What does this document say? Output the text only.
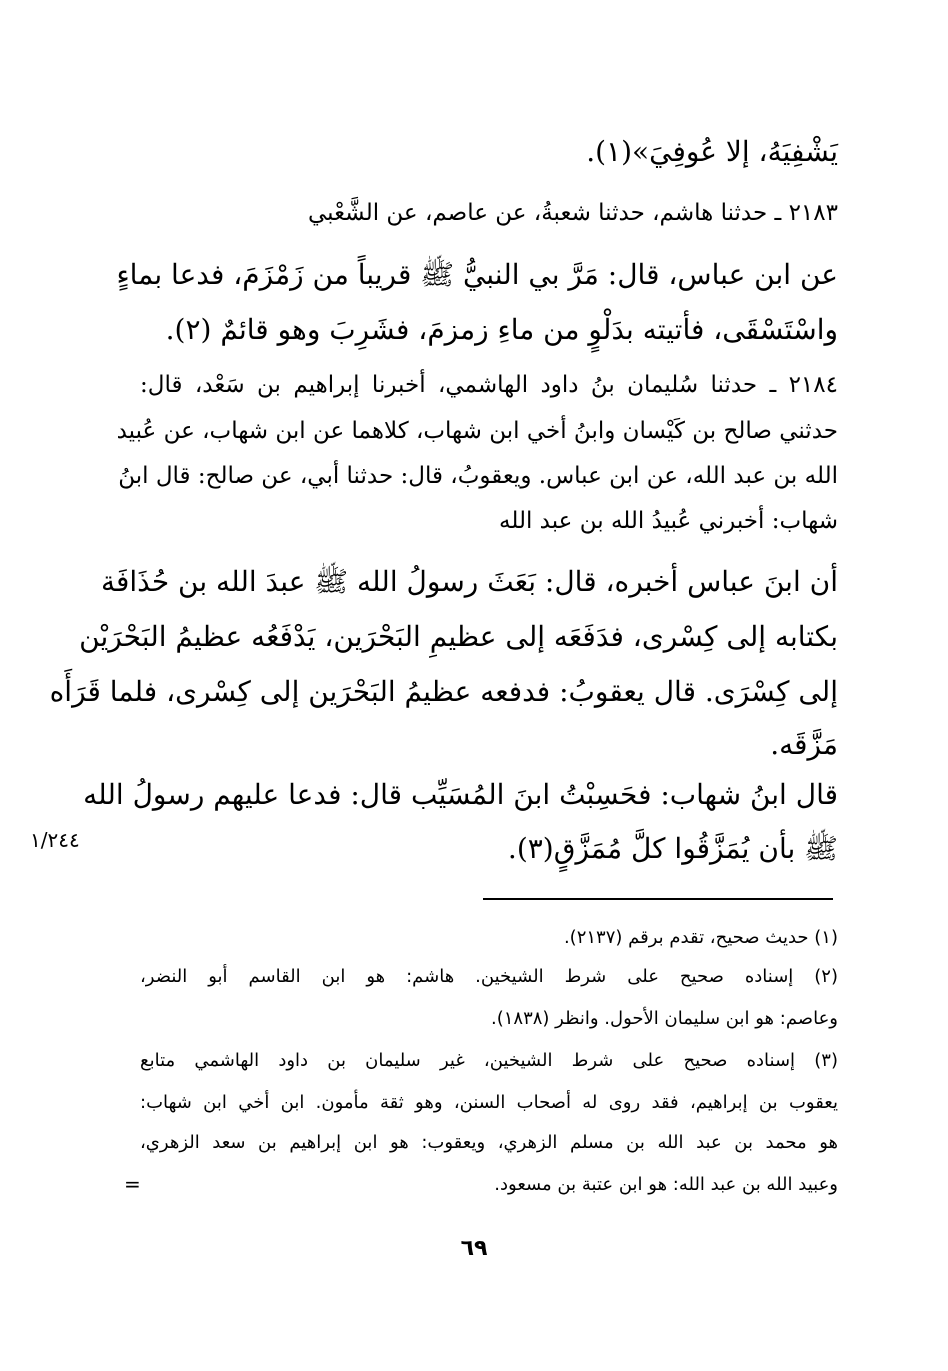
يَشْفِيَهُ، إلا عُوفِيَ»(١).

٢١٨٣ ـ حدثنا هاشم، حدثنا شعبةُ، عن عاصم، عن الشَّعْبي

عن ابن عباس، قال: مَرَّ بي النبيُّ ﷺ قريباً من زَمْزَمَ، فدعا بماءٍ

واسْتَسْقَى، فأتيته بدَلْوٍ من ماءِ زمزمَ، فشَرِبَ وهو قائمٌ (٢).

٢١٨٤ ـ حدثنا سُليمان بنُ داود الهاشمي، أخبرنا إبراهيم بن سَعْد، قال:

حدثني صالح بن كَيْسان وابنُ أخي ابن شهاب، كلاهما عن ابن شهاب، عن عُبيد

الله بن عبد الله، عن ابن عباس. ويعقوبُ، قال: حدثنا أبي، عن صالح: قال ابنُ

شهاب: أخبرني عُبيدُ الله بن عبد الله

أن ابنَ عباس أخبره، قال: بَعَثَ رسولُ الله ﷺ عبدَ الله بن حُذَافَة

بكتابه إلى كِسْرى، فدَفَعَه إلى عظيمِ البَحْرَين، يَدْفَعُه عظيمُ البَحْرَيْن

إلى كِسْرَى. قال يعقوبُ: فدفعه عظيمُ البَحْرَين إلى كِسْرى، فلما قَرَأَه

مَزَّقَه.

قال ابنُ شهاب: فحَسِبْتُ ابنَ المُسَيِّب قال: فدعا عليهم رسولُ الله

ﷺ بأن يُمَزَّقُوا كلَّ مُمَزَّقٍ(٣).

١/٢٤٤

(١) حديث صحيح، تقدم برقم (٢١٣٧).

(٢) إسناده صحيح على شرط الشيخين. هاشم: هو ابن القاسم أبو النضر،

وعاصم: هو ابن سليمان الأحول. وانظر (١٨٣٨).

(٣) إسناده صحيح على شرط الشيخين، غير سليمان بن داود الهاشمي متابع

يعقوب بن إبراهيم، فقد روى له أصحاب السنن، وهو ثقة مأمون. ابن أخي ابن شهاب:

هو محمد بن عبد الله بن مسلم الزهري، ويعقوب: هو ابن إبراهيم بن سعد الزهري،

وعبيد الله بن عبد الله: هو ابن عتبة بن مسعود.

=
٦٩
